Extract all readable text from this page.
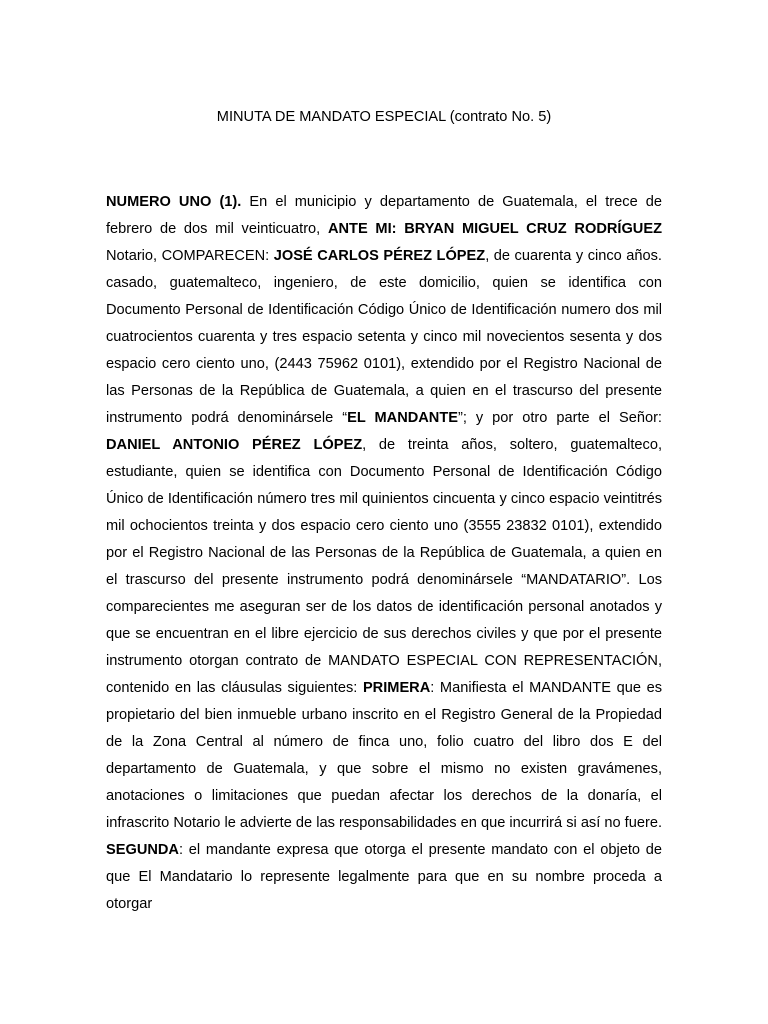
MINUTA DE MANDATO ESPECIAL (contrato No. 5)

NUMERO UNO (1). En el municipio y departamento de Guatemala, el trece de febrero de dos mil veinticuatro, ANTE MI: BRYAN MIGUEL CRUZ RODRÍGUEZ Notario, COMPARECEN: JOSÉ CARLOS PÉREZ LÓPEZ, de cuarenta y cinco años. casado, guatemalteco, ingeniero, de este domicilio, quien se identifica con Documento Personal de Identificación Código Único de Identificación numero dos mil cuatrocientos cuarenta y tres espacio setenta y cinco mil novecientos sesenta y dos espacio cero ciento uno, (2443 75962 0101), extendido por el Registro Nacional de las Personas de la República de Guatemala, a quien en el trascurso del presente instrumento podrá denominársele “EL MANDANTE”; y por otro parte el Señor: DANIEL ANTONIO PÉREZ LÓPEZ, de treinta años, soltero, guatemalteco, estudiante, quien se identifica con Documento Personal de Identificación Código Único de Identificación número tres mil quinientos cincuenta y cinco espacio veintitrés mil ochocientos treinta y dos espacio cero ciento uno (3555 23832 0101), extendido por el Registro Nacional de las Personas de la República de Guatemala, a quien en el trascurso del presente instrumento podrá denominársele “MANDATARIO”. Los comparecientes me aseguran ser de los datos de identificación personal anotados y que se encuentran en el libre ejercicio de sus derechos civiles y que por el presente instrumento otorgan contrato de MANDATO ESPECIAL CON REPRESENTACIÓN, contenido en las cláusulas siguientes: PRIMERA: Manifiesta el MANDANTE que es propietario del bien inmueble urbano inscrito en el Registro General de la Propiedad de la Zona Central al número de finca uno, folio cuatro del libro dos E del departamento de Guatemala, y que sobre el mismo no existen gravámenes, anotaciones o limitaciones que puedan afectar los derechos de la donaría, el infrascrito Notario le advierte de las responsabilidades en que incurrirá si así no fuere. SEGUNDA: el mandante expresa que otorga el presente mandato con el objeto de que El Mandatario lo represente legalmente para que en su nombre proceda a otorgar
